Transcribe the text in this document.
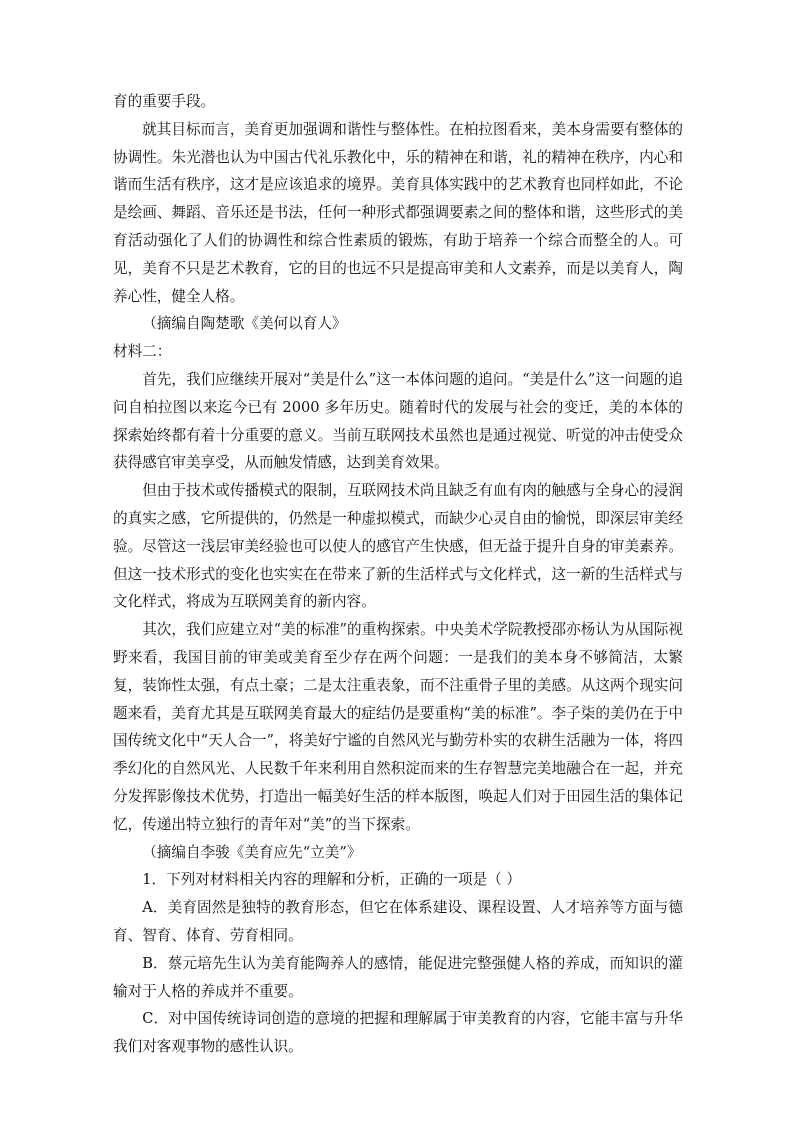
育的重要手段。

就其目标而言，美育更加强调和谐性与整体性。在柏拉图看来，美本身需要有整体的协调性。朱光潜也认为中国古代礼乐教化中，乐的精神在和谐，礼的精神在秩序，内心和谐而生活有秩序，这才是应该追求的境界。美育具体实践中的艺术教育也同样如此，不论是绘画、舞蹈、音乐还是书法，任何一种形式都强调要素之间的整体和谐，这些形式的美育活动强化了人们的协调性和综合性素质的锻炼，有助于培养一个综合而整全的人。可见，美育不只是艺术教育，它的目的也远不只是提高审美和人文素养，而是以美育人，陶养心性，健全人格。

（摘编自陶楚歌《美何以育人》

材料二：

首先，我们应继续开展对“美是什么”这一本体问题的追问。“美是什么”这一问题的追问自柏拉图以来迄今已有 2000 多年历史。随着时代的发展与社会的变迁，美的本体的探索始终都有着十分重要的意义。当前互联网技术虽然也是通过视觉、听觉的冲击使受众获得感官审美享受，从而触发情感，达到美育效果。

但由于技术或传播模式的限制，互联网技术尚且缺乏有血有肉的触感与全身心的浸润的真实之感，它所提供的，仍然是一种虚拟模式，而缺少心灵自由的愉悦，即深层审美经验。尽管这一浅层审美经验也可以使人的感官产生快感，但无益于提升自身的审美素养。但这一技术形式的变化也实实在在带来了新的生活样式与文化样式，这一新的生活样式与文化样式，将成为互联网美育的新内容。

其次，我们应建立对“美的标准”的重构探索。中央美术学院教授邵亦杨认为从国际视野来看，我国目前的审美或美育至少存在两个问题：一是我们的美本身不够简洁，太繁复，装饰性太强，有点土豪；二是太注重表象，而不注重骨子里的美感。从这两个现实问题来看，美育尤其是互联网美育最大的症结仍是要重构“美的标准”。李子柒的美仍在于中国传统文化中“天人合一”，将美好宁谧的自然风光与勤劳朴实的农耕生活融为一体，将四季幻化的自然风光、人民数千年来利用自然积淀而来的生存智慧完美地融合在一起，并充分发挥影像技术优势，打造出一幅美好生活的样本版图，唤起人们对于田园生活的集体记忆，传递出特立独行的青年对“美”的当下探索。

（摘编自李骏《美育应先“立美”》

1．下列对材料相关内容的理解和分析，正确的一项是（ ）

A．美育固然是独特的教育形态，但它在体系建设、课程设置、人才培养等方面与德育、智育、体育、劳育相同。

B．蔡元培先生认为美育能陶养人的感情，能促进完整强健人格的养成，而知识的灌输对于人格的养成并不重要。

C．对中国传统诗词创造的意境的把握和理解属于审美教育的内容，它能丰富与升华我们对客观事物的感性认识。
